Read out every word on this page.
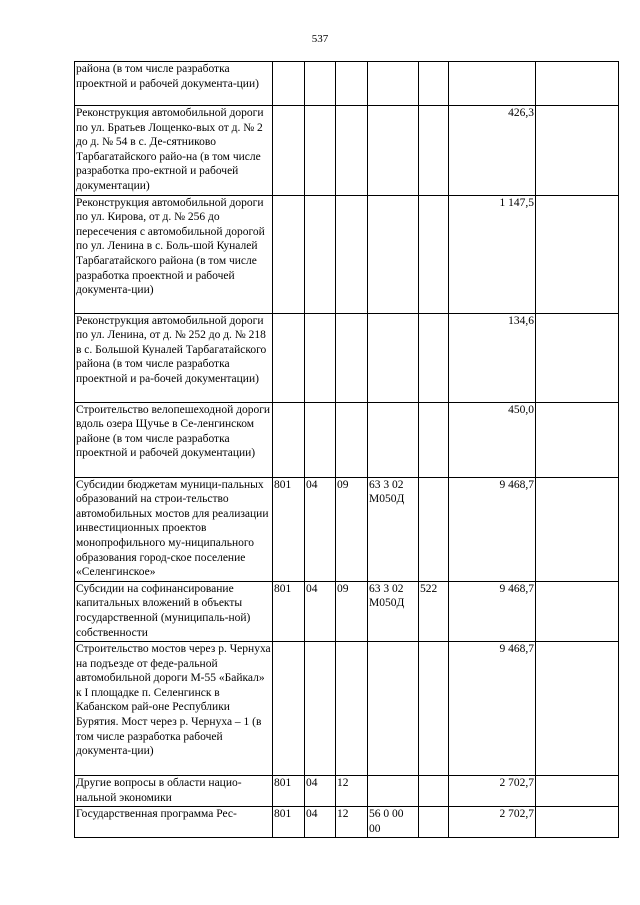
537
района (в том числе разработка проектной и рабочей документа-ции)							
Реконструкция автомобильной дороги по ул. Братьев Лощенко-вых от д. № 2 до д. № 54 в с. Де-сятниково Тарбагатайского райо-на (в том числе разработка про-ектной и рабочей документации)						426,3	
Реконструкция автомобильной дороги по ул. Кирова, от д. № 256 до пересечения с автомобильной дорогой по ул. Ленина в с. Боль-шой Куналей Тарбагатайского района (в том числе разработка проектной и рабочей документа-ции)						1 147,5	
Реконструкция автомобильной дороги по ул. Ленина, от д. № 252 до д. № 218 в с. Большой Куналей Тарбагатайского района (в том числе разработка проектной и ра-бочей документации)						134,6	
Строительство велопешеходной дороги вдоль озера Щучье в Се-ленгинском районе (в том числе разработка проектной и рабочей документации)						450,0	
Субсидии бюджетам муници-пальных образований на строи-тельство автомобильных мостов для реализации инвестиционных проектов монопрофильного му-ниципального образования город-ское поселение «Селенгинское»	801	04	09	63 3 02 М050Д		9 468,7	
Субсидии на софинансирование капитальных вложений в объекты государственной (муниципаль-ной) собственности	801	04	09	63 3 02 М050Д	522	9 468,7	
Строительство мостов через р. Чернуха на подъезде от феде-ральной автомобильной дороги М-55 «Байкал» к I площадке п. Селенгинск в Кабанском рай-оне Республики Бурятия. Мост через р. Чернуха – 1 (в том числе разработка рабочей документа-ции)						9 468,7	
Другие вопросы в области нацио-нальной экономики	801	04	12			2 702,7	
Государственная программа Рес-	801	04	12	56 0 00 00		2 702,7	
